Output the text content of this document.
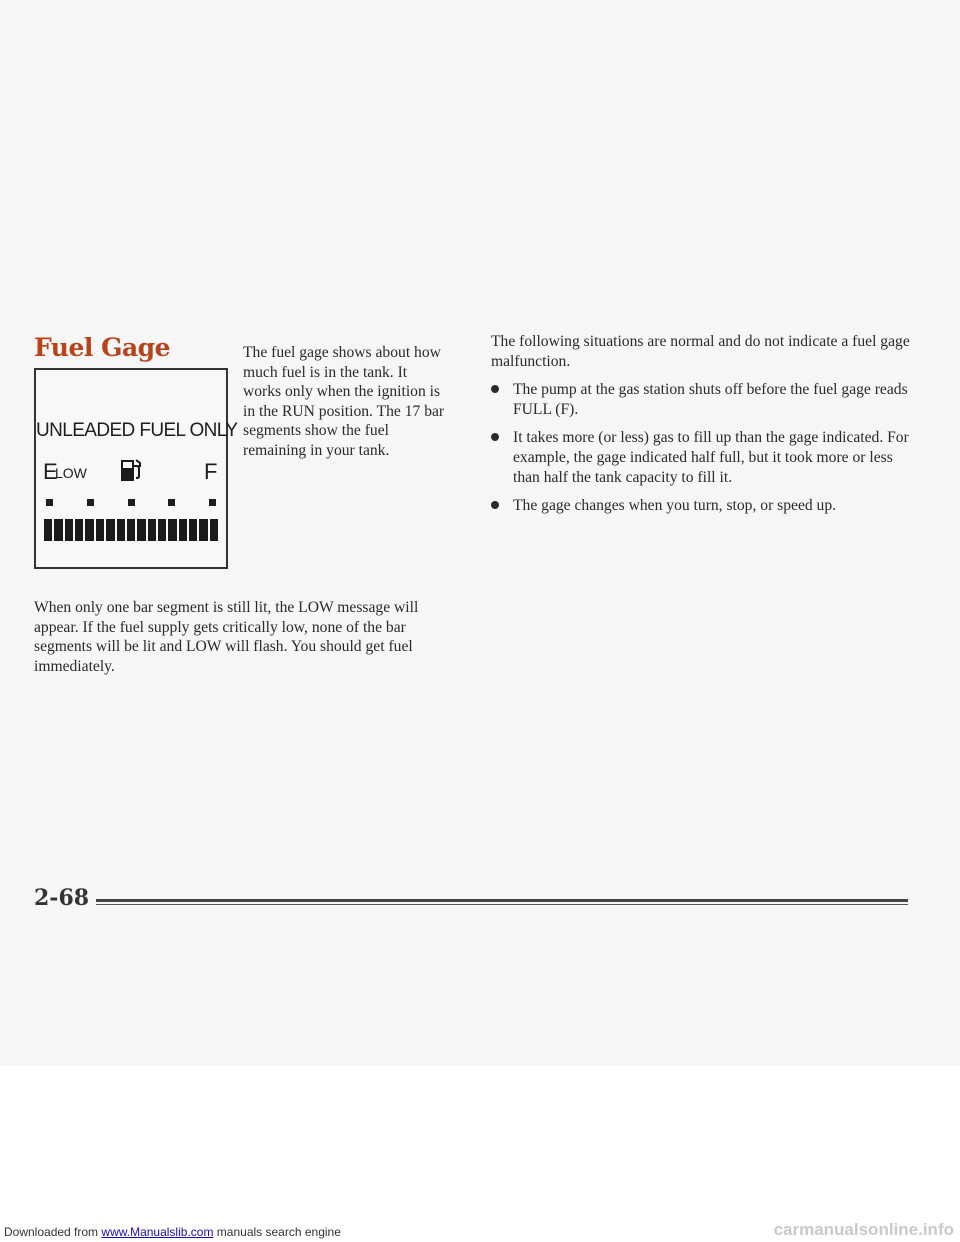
Fuel Gage
UNLEADED FUEL ONLY
E
LOW	F
The fuel gage shows about how much fuel is in the tank. It works only when the ignition is in the RUN position. The 17 bar segments show the fuel remaining in your tank.
When only one bar segment is still lit, the LOW message will appear. If the fuel supply gets critically low, none of the bar segments will be lit and LOW will flash. You should get fuel immediately.

The following situations are normal and do not indicate a fuel gage malfunction.

The pump at the gas station shuts off before the fuel gage reads FULL (F).
It takes more (or less) gas to fill up than the gage indicated. For example, the gage indicated half full, but it took more or less than half the tank capacity to fill it.
The gage changes when you turn, stop, or speed up.
2-68
Downloaded from www.Manualslib.com manuals search engine	carmanualsonline.info
